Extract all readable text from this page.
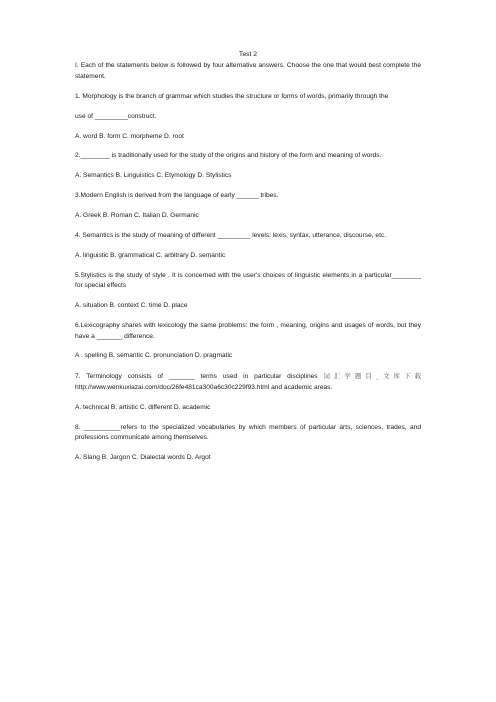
Test 2
I. Each of the statements below is followed by four alternative answers. Choose the one that would best complete the statement.
1. Morphology is the branch of grammar which studies the structure or forms of words, primarily through the
use of _________construct.
A. word B. form C. morpheme D. root
2.________ is traditionally used for the study of the origins and history of the form and meaning of words.
A. Semantics B. Linguistics C. Etymology D. Stylistics
3.Modern English is derived from the language of early ______ tribes.
A. Greek B. Roman C. Italian D. Germanic
4. Semantics is the study of meaning of different _________ levels: lexis, syntax, utterance, discourse, etc.
A. linguistic B. grammatical C. arbitrary D. semantic
5.Stylistics is the study of style . It is concerned with the user's choices of linguistic elements in a particular________ for special effects
A. situation B. context C. time D. place
6.Lexicography shares with lexicology the same problems: the form , meaning, origins and usages of words, but they have a _______ difference.
A . spelling B. semantic C. pronunciation D. pragmatic
7. Terminology consists of _______ terms used in particular disciplines 词汇学题目_文库下载 http://www.wenkuxiazai.com/doc/26fe481ca300a6c30c229f93.html and academic areas.
A. technical B. artistic C. different D. academic
8. __________refers to the specialized vocabularies by which members of particular arts, sciences, trades, and professions communicate among themselves.
A. Slang B. Jargon C. Dialectal words D. Argot
